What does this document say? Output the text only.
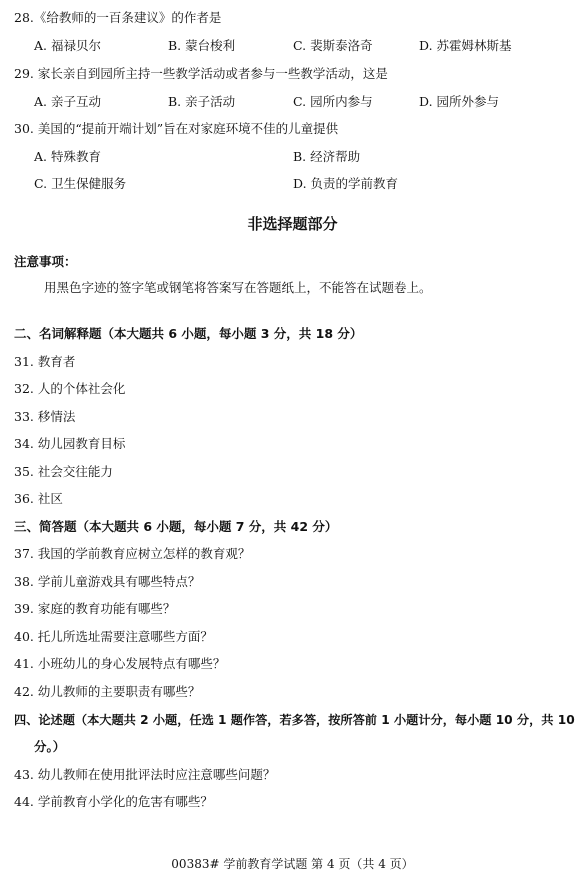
28.《给教师的一百条建议》的作者是
A. 福禄贝尔	B. 蒙台梭利	C. 裴斯泰洛奇	D. 苏霍姆林斯基
29. 家长亲自到园所主持一些教学活动或者参与一些教学活动，这是
A. 亲子互动	B. 亲子活动	C. 园所内参与	D. 园所外参与
30. 美国的“提前开端计划”旨在对家庭环境不佳的儿童提供
A. 特殊教育	B. 经济帮助
C. 卫生保健服务	D. 负责的学前教育
非选择题部分
注意事项：
用黑色字迹的签字笔或钢笔将答案写在答题纸上，不能答在试题卷上。
二、名词解释题（本大题共 6 小题，每小题 3 分，共 18 分）
31. 教育者
32. 人的个体社会化
33. 移情法
34. 幼儿园教育目标
35. 社会交往能力
36. 社区
三、简答题（本大题共 6 小题，每小题 7 分，共 42 分）
37. 我国的学前教育应树立怎样的教育观？
38. 学前儿童游戏具有哪些特点？
39. 家庭的教育功能有哪些？
40. 托儿所选址需要注意哪些方面？
41. 小班幼儿的身心发展特点有哪些？
42. 幼儿教师的主要职责有哪些？
四、论述题（本大题共 2 小题，任选 1 题作答，若多答，按所答前 1 小题计分，每小题 10 分，共 10
分。）
43. 幼儿教师在使用批评法时应注意哪些问题？
44. 学前教育小学化的危害有哪些？
00383# 学前教育学试题 第 4 页（共 4 页）
